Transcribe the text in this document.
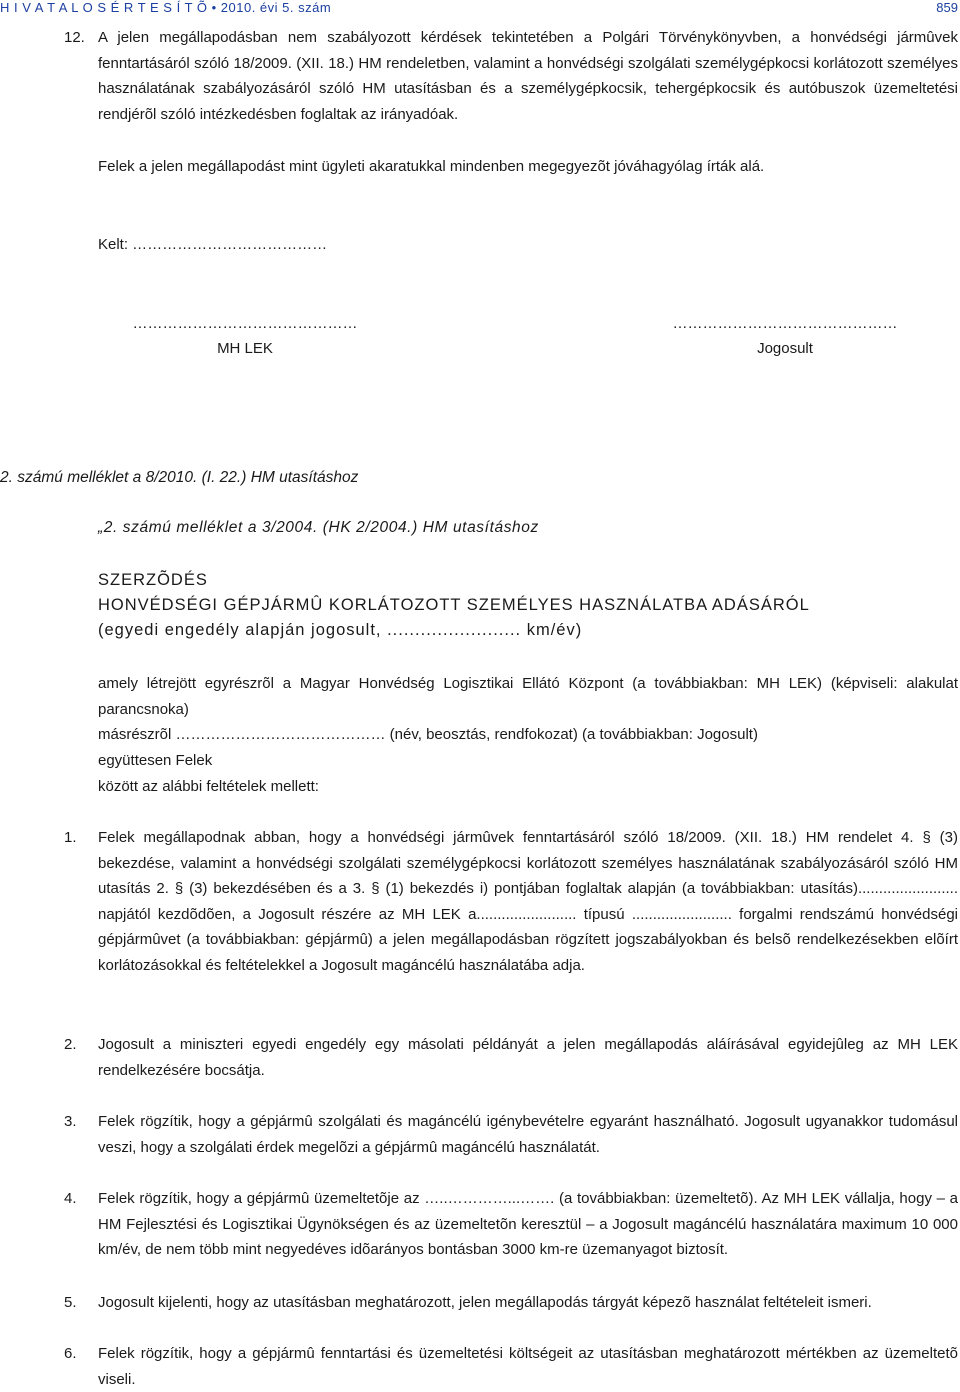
H I V A T A L O S É R T E S Í T Õ • 2010. évi 5. szám	859
12. A jelen megállapodásban nem szabályozott kérdések tekintetében a Polgári Törvénykönyvben, a honvédségi jármûvek fenntartásáról szóló 18/2009. (XII. 18.) HM rendeletben, valamint a honvédségi szolgálati személygépkocsi korlátozott személyes használatának szabályozásáról szóló HM utasításban és a személygépkocsik, tehergépkocsik és autóbuszok üzemeltetési rendjérõl szóló intézkedésben foglaltak az irányadóak.
Felek a jelen megállapodást mint ügyleti akaratukkal mindenben megegyezõt jóváhagyólag írták alá.
Kelt: …………………………………
………………………………………
MH LEK
………………………………………
Jogosult
2. számú melléklet a 8/2010. (I. 22.) HM utasításhoz
„2. számú melléklet a 3/2004. (HK 2/2004.) HM utasításhoz
SZERZÕDÉS
HONVÉDSÉGI GÉPJÁRMÛ KORLÁTOZOTT SZEMÉLYES HASZNÁLATBA ADÁSÁRÓL
(egyedi engedély alapján jogosult, ........................ km/év)
amely létrejött egyrészrõl a Magyar Honvédség Logisztikai Ellátó Központ (a továbbiakban: MH LEK) (képviseli: alakulat parancsnoka)
másrészrõl …………………………………… (név, beosztás, rendfokozat) (a továbbiakban: Jogosult)
együttesen Felek
között az alábbi feltételek mellett:
1. Felek megállapodnak abban, hogy a honvédségi jármûvek fenntartásáról szóló 18/2009. (XII. 18.) HM rendelet 4. § (3) bekezdése, valamint a honvédségi szolgálati személygépkocsi korlátozott személyes használatának szabályozásáról szóló HM utasítás 2. § (3) bekezdésében és a 3. § (1) bekezdés i) pontjában foglaltak alapján (a továbbiakban: utasítás)........................ napjától kezdõdõen, a Jogosult részére az MH LEK a........................ típusú ........................ forgalmi rendszámú honvédségi gépjármûvet (a továbbiakban: gépjármû) a jelen megállapodásban rögzített jogszabályokban és belsõ rendelkezésekben elõírt korlátozásokkal és feltételekkel a Jogosult magáncélú használatába adja.
2. Jogosult a miniszteri egyedi engedély egy másolati példányát a jelen megállapodás aláírásával egyidejûleg az MH LEK rendelkezésére bocsátja.
3. Felek rögzítik, hogy a gépjármû szolgálati és magáncélú igénybevételre egyaránt használható. Jogosult ugyanakkor tudomásul veszi, hogy a szolgálati érdek megelõzi a gépjármû magáncélú használatát.
4. Felek rögzítik, hogy a gépjármû üzemeltetõje az …..…………...……. (a továbbiakban: üzemeltetõ). Az MH LEK vállalja, hogy – a HM Fejlesztési és Logisztikai Ügynökségen és az üzemeltetõn keresztül – a Jogosult magáncélú használatára maximum 10 000 km/év, de nem több mint negyedéves idõarányos bontásban 3000 km-re üzemanyagot biztosít.
5. Jogosult kijelenti, hogy az utasításban meghatározott, jelen megállapodás tárgyát képezõ használat feltételeit ismeri.
6. Felek rögzítik, hogy a gépjármû fenntartási és üzemeltetési költségeit az utasításban meghatározott mértékben az üzemeltetõ viseli.
